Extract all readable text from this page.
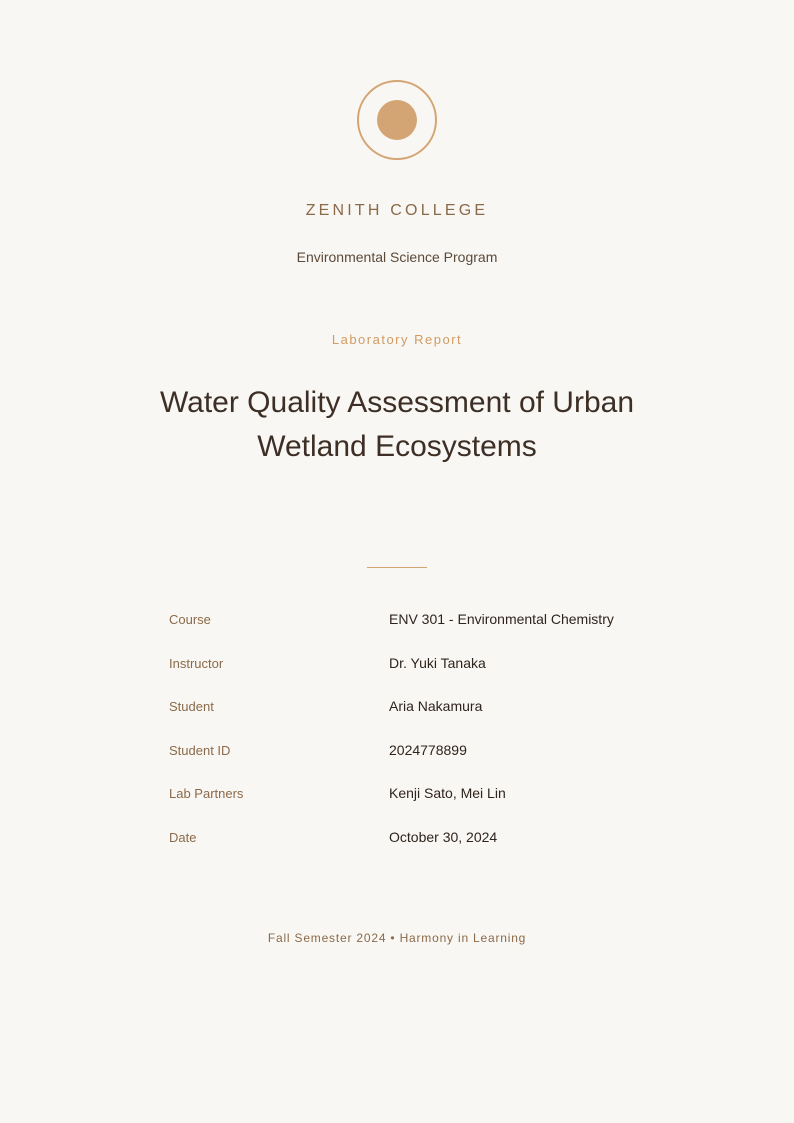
ZENITH COLLEGE
Environmental Science Program
Laboratory Report
Water Quality Assessment of Urban Wetland Ecosystems
Course	ENV 301 - Environmental Chemistry
Instructor	Dr. Yuki Tanaka
Student	Aria Nakamura
Student ID	2024778899
Lab Partners	Kenji Sato, Mei Lin
Date	October 30, 2024
Fall Semester 2024 • Harmony in Learning
